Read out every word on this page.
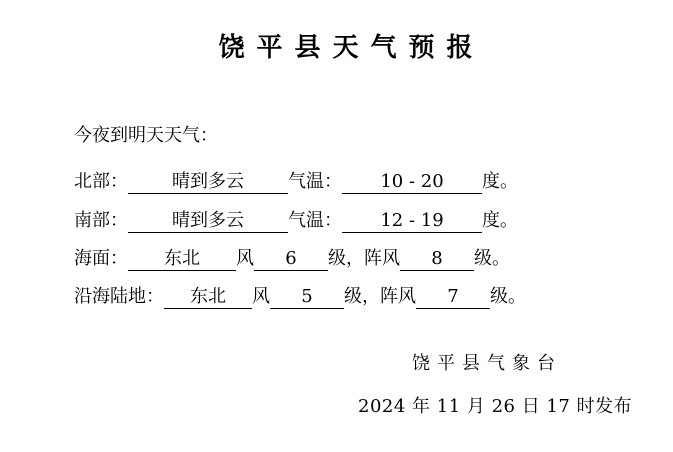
饶平县天气预报
今夜到明天天气：
北部：	晴到多云	气温：	10 - 20	度。
南部：	晴到多云	气温：	12 - 19	度。
海面：	东北	风	6	级，阵风	8	级。
沿海陆地：	东北	风	5	级，阵风	7	级。
饶平县气象台
2024 年 11 月 26 日 17 时发布
